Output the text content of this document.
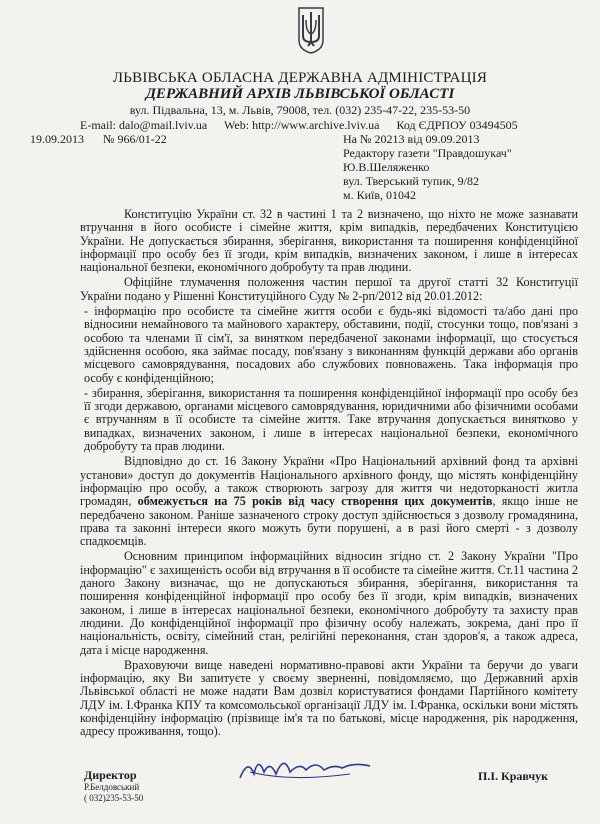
ЛЬВІВСЬКА ОБЛАСНА ДЕРЖАВНА АДМІНІСТРАЦІЯ
ДЕРЖАВНИЙ АРХІВ ЛЬВІВСЬКОЇ ОБЛАСТІ
вул. Підвальна, 13, м. Львів, 79008, тел. (032) 235-47-22, 235-53-50
E-mail: dalo@mail.lviv.ua Web: http://www.archive.lviv.ua Код ЄДРПОУ 03494505
19.09.2013 № 966/01-22	На № 20213 від 09.09.2013
Редактору газети "Правдошукач"
Ю.В.Шеляженко
вул. Тверський тупик, 9/82
м. Київ, 01042

Конституцію України ст. 32 в частині 1 та 2 визначено, що ніхто не може зазнавати втручання в його особисте і сімейне життя, крім випадків, передбачених Конституцією України. Не допускається збирання, зберігання, використання та поширення конфіденційної інформації про особу без її згоди, крім випадків, визначених законом, і лише в інтересах національної безпеки, економічного добробуту та прав людини.

Офіційне тлумачення положення частин першої та другої статті 32 Конституції України подано у Рішенні Конституційного Суду № 2-рп/2012 від 20.01.2012:

- інформацію про особисте та сімейне життя особи є будь-які відомості та/або дані про відносини немайнового та майнового характеру, обставини, події, стосунки тощо, пов'язані з особою та членами її сім'ї, за винятком передбаченої законами інформації, що стосується здійснення особою, яка займає посаду, пов'язану з виконанням функцій держави або органів місцевого самоврядування, посадових або службових повноважень. Така інформація про особу є конфіденційною;

- збирання, зберігання, використання та поширення конфіденційної інформації про особу без її згоди державою, органами місцевого самоврядування, юридичними або фізичними особами є втручанням в її особисте та сімейне життя. Таке втручання допускається винятково у випадках, визначених законом, і лише в інтересах національної безпеки, економічного добробуту та прав людини.

Відповідно до ст. 16 Закону України «Про Національний архівний фонд та архівні установи» доступ до документів Національного архівного фонду, що містять конфіденційну інформацію про особу, а також створюють загрозу для життя чи недоторканості житла громадян, обмежується на 75 років від часу створення цих документів, якщо інше не передбачено законом. Раніше зазначеного строку доступ здійснюється з дозволу громадянина, права та законні інтереси якого можуть бути порушені, а в разі його смерті - з дозволу спадкоємців.

Основним принципом інформаційних відносин згідно ст. 2 Закону України "Про інформацію" є захищеність особи від втручання в її особисте та сімейне життя. Ст.11 частина 2 даного Закону визначає, що не допускаються збирання, зберігання, використання та поширення конфіденційної інформації про особу без її згоди, крім випадків, визначених законом, і лише в інтересах національної безпеки, економічного добробуту та захисту прав людини. До конфіденційної інформації про фізичну особу належать, зокрема, дані про її національність, освіту, сімейний стан, релігійні переконання, стан здоров'я, а також адреса, дата і місце народження.

Враховуючи вище наведені нормативно-правові акти України та беручи до уваги інформацію, яку Ви запитуєте у своєму зверненні, повідомляємо, що Державний архів Львівської області не може надати Вам дозвіл користуватися фондами Партійного комітету ЛДУ ім. І.Франка КПУ та комсомольської організації ЛДУ ім. І.Франка, оскільки вони містять конфіденційну інформацію (прізвище ім'я та по батькові, місце народження, рік народження, адресу проживання, тощо).

Директор
Р.Белдовський
( 032)235-53-50
П.І. Кравчук
